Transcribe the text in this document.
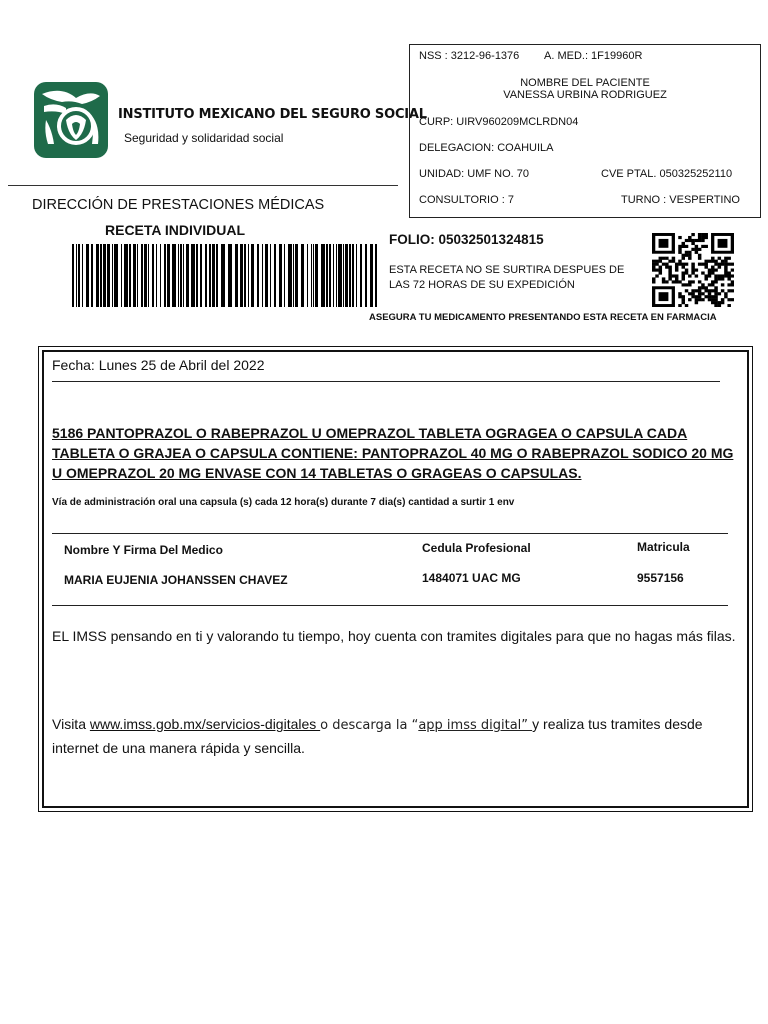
INSTITUTO MEXICANO DEL SEGURO SOCIAL
Seguridad y solidaridad social
DIRECCIÓN DE PRESTACIONES MÉDICAS
RECETA INDIVIDUAL
NSS : 3212-96-1376 A. MED.: 1F19960R
NOMBRE DEL PACIENTE
VANESSA URBINA RODRIGUEZ
CURP: UIRV960209MCLRDN04
DELEGACION: COAHUILA
UNIDAD: UMF NO. 70	CVE PTAL. 050325252110
CONSULTORIO : 7	TURNO : VESPERTINO
FOLIO: 05032501324815
ESTA RECETA NO SE SURTIRA DESPUES DE
LAS 72 HORAS DE SU EXPEDICIÓN
ASEGURA TU MEDICAMENTO PRESENTANDO ESTA RECETA EN FARMACIA
Fecha: Lunes 25 de Abril del 2022
5186 PANTOPRAZOL O RABEPRAZOL U OMEPRAZOL TABLETA OGRAGEA O CAPSULA CADA TABLETA O GRAJEA O CAPSULA CONTIENE: PANTOPRAZOL 40 MG O RABEPRAZOL SODICO 20 MG U OMEPRAZOL 20 MG ENVASE CON 14 TABLETAS O GRAGEAS O CAPSULAS.
Vía de administración oral una capsula (s) cada 12 hora(s) durante 7 dia(s) cantidad a surtir 1 env
Nombre Y Firma Del Medico	Cedula Profesional	Matricula
MARIA EUJENIA JOHANSSEN CHAVEZ	1484071 UAC MG	9557156
EL IMSS pensando en ti y valorando tu tiempo, hoy cuenta con tramites digitales para que no hagas más filas.
Visita www.imss.gob.mx/servicios-digitales o descarga la “app imss digital” y realiza tus tramites desde internet de una manera rápida y sencilla.
